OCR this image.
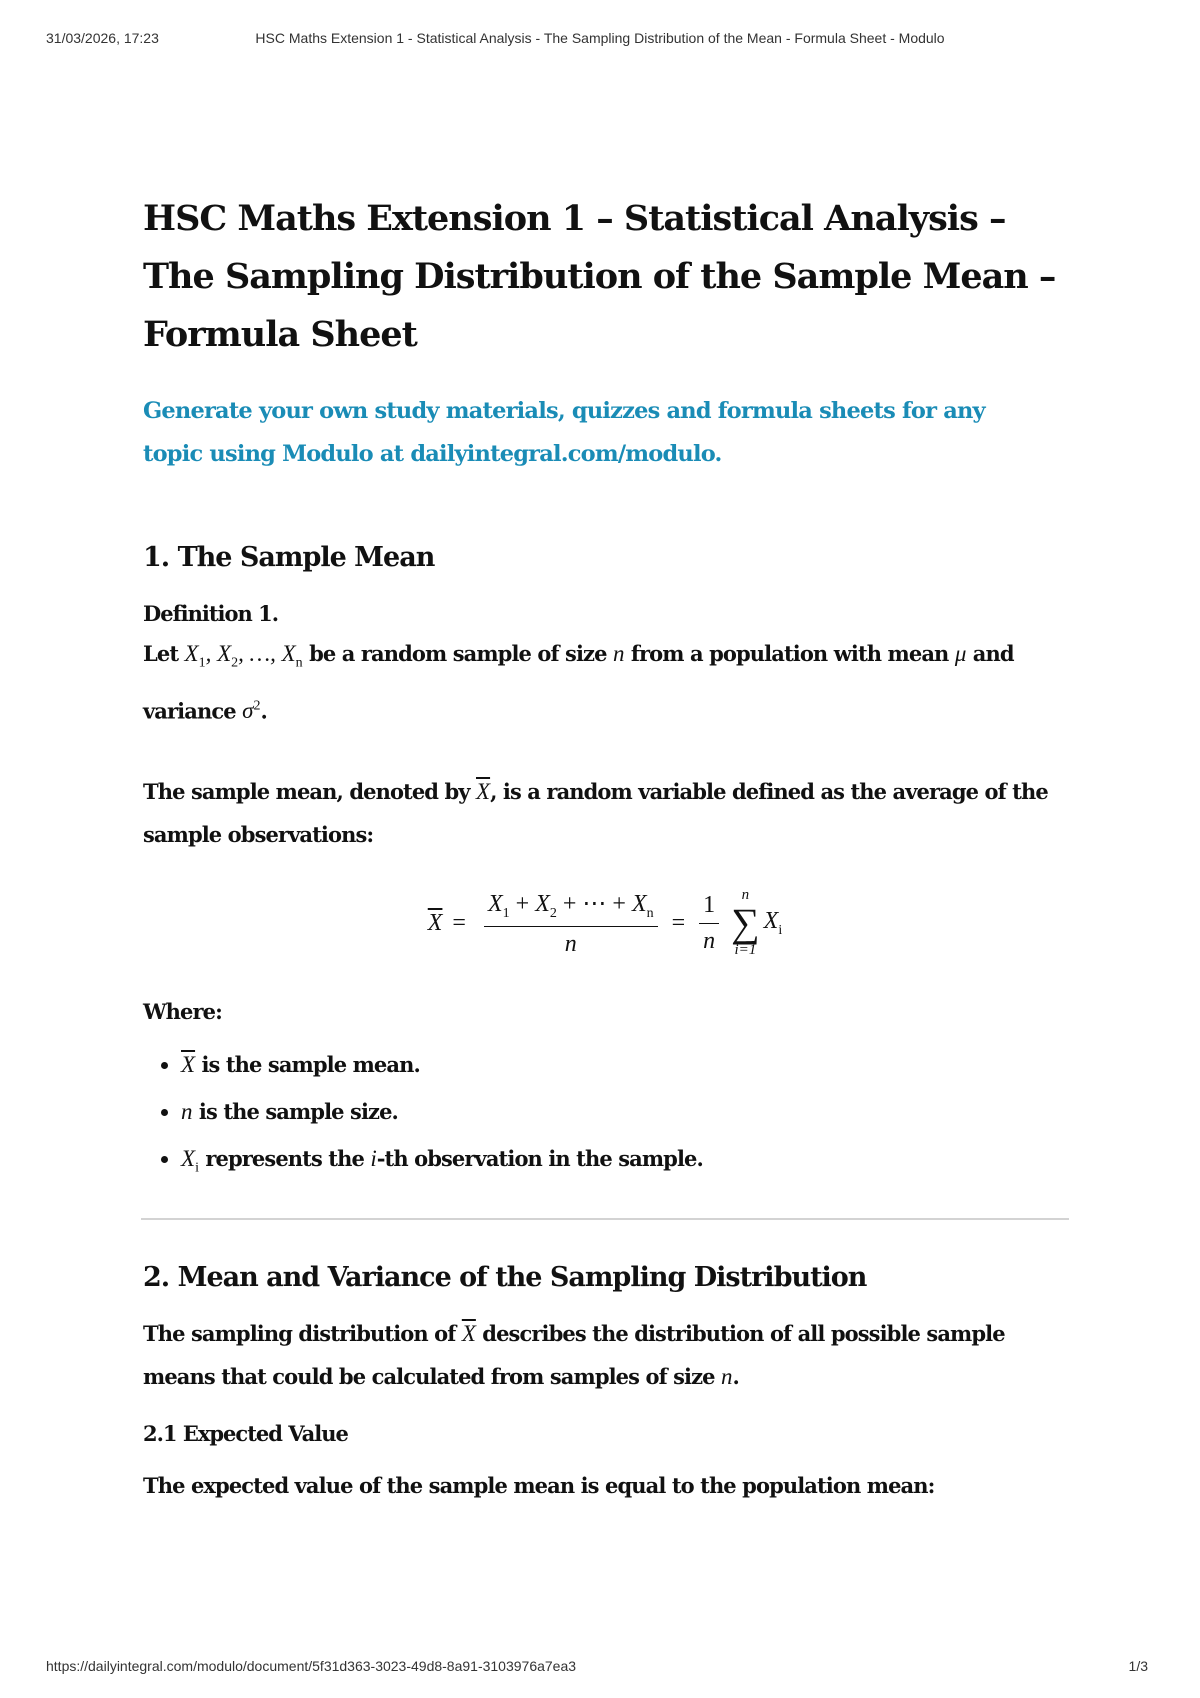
31/03/2026, 17:23	HSC Maths Extension 1 - Statistical Analysis - The Sampling Distribution of the Mean - Formula Sheet - Modulo
HSC Maths Extension 1 – Statistical Analysis – The Sampling Distribution of the Sample Mean – Formula Sheet
Generate your own study materials, quizzes and formula sheets for any topic using Modulo at dailyintegral.com/modulo.
1. The Sample Mean
Definition 1.

Let $X_1$, $X_2$, …, $X_n$ be a random sample of size n from a population with mean μ and variance $\sigma^2$.

The sample mean, denoted by $\overline{X}$, is a random variable defined as the average of the sample observations:

$\overline{X} = \frac{X_1 + X_2 + \cdots + X_n}{n} = \frac{1}{n}$ n
∑
i=1
$X_i$

Where:

• $\overline{X}$ is the sample mean.
• n is the sample size.
• $X_i$ represents the i-th observation in the sample.
2. Mean and Variance of the Sampling Distribution

The sampling distribution of $\overline{X}$ describes the distribution of all possible sample means that could be calculated from samples of size n.

2.1 Expected Value

The expected value of the sample mean is equal to the population mean:

https://dailyintegral.com/modulo/document/5f31d363-3023-49d8-8a91-3103976a7ea3	1/3
